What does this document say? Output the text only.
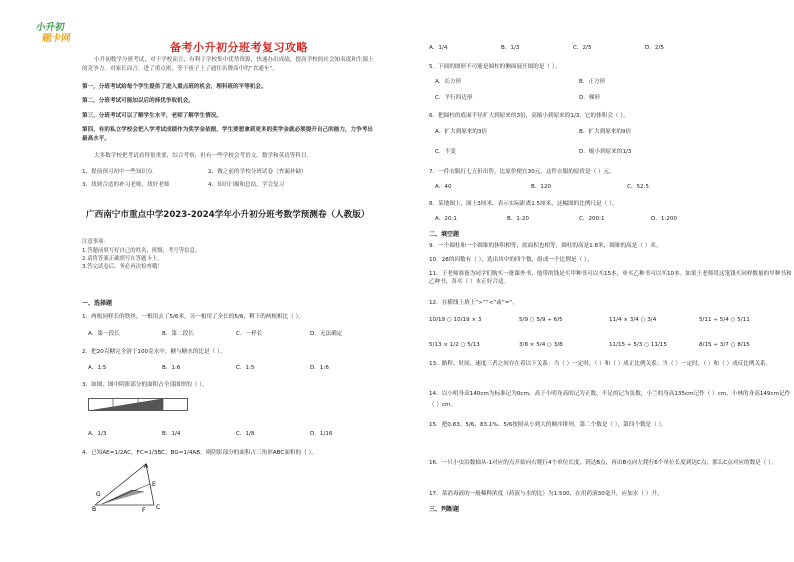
小升初
题卡网
备考小升初分班考复习攻略
小升初数学分班考试，对于学校而言，有利于学校集中优势资源，快速办出成绩，提高学校的社会知名度和生源上的竞争力。对家长而言，进了重点班，等于孩子上了通往名牌高中的“直通车”。
第一，分班考试给每个学生提供了进入重点班的机会，理科班的平等机会。
第二，分班考试可能加以后的择优争取机会。
第三，分班考试可以了解学生水平，老师了解学生情况。
第四，有的私立学校会把入学考试成绩作为奖学金依据，学生要想拿到更多的奖学金就必须提升自己的能力，力争考出最高水平。
大多数学校把考试看得很重要，综合考察，但有一些学校会考语文、数学和英语等科目。
1、提前预习初中一些知识点	2、做之前的学校分班试卷（查漏补缺）
3、找到合适的补习老师，找好老师	4、知识扫描和总结，学会复习
广西南宁市重点中学2023-2024学年小升初分班考数学预测卷（人教版）
注意事项：
1.答题前填写好自己的姓名、班级、考号等信息。
2.请将答案正确填写在答题卡上。
3.答完试卷后，务必再次检查哦！
一、选择题
1．两根同样长的铁丝，一根用去了5/6米，另一根用了全长的5/6，剩下的两根相比（ ）。
A．第一段长	B．第二段长	C．一样长	D．无法确定
2．把20克糖完全溶于100克水中，糖与糖水的比是（ ）。
A．1:5	B．1:6	C．1:5	D．1:6
3．如图，图中阴影部分的面积占全部图形的（ ）。
A．1/3	B．1/4	C．1/8	D．1/16
4．已知AE=1/2AC，FC=1/3BC，BG=1/4AB，则阴影部分的面积占三角形ABC面积的（ ）。
A
B	C
E
G
F
A．1/4	B．1/3	C．2/5	D．2/5
5．下面的图形不可能是圆柱的侧面展开图的是（ ）。
A．长方形	B．正方形
C．平行四边形	D．梯形
6．把圆柱的底面半径扩大到原来的3倍，高缩小到原来的1/3，它的体积会（ ）。
A．扩大到原来的3倍	B．扩大到原来的9倍
C．不变	D．缩小到原来的1/3
7．一件衣服打七五折出售，比原价便宜30元，这件衣服的原价是（ ）元。
A．40	B．120	C．52.5
8．某地图上，图上3厘米，表示实际距离1.5厘米，这幅图的比例尺是（ ）。
A．20:1	B．1:20	C．200:1	D．1:200
二、填空题
9．一个圆柱和一个圆锥的体积相等，底面积也相等，圆柱的高是1.8米，圆锥的高是（ ）米。
10．28的因数有（ ），选出其中的四个数，组成一个比例是（ ）。
11．王老师准备为同学们购买一批课外书，他带的钱是买甲种书可以买15本，单买乙种书可以买10本。如果王老师用这笔钱买同样数量的甲种书和乙种书，各买（ ）本正好合适。
12．在横线上填上“>”“<”或“=”。
10/19 ○ 10/19 × 3	5/9 ○ 5/9 ÷ 6/5	11/4 × 3/4 ○ 3/4	5/11 ÷ 5/4 ○ 5/11
5/13 × 1/2 ○ 5/13	3/8 × 5/4 ○ 3/8	11/15 ÷ 5/3 ○ 11/15	8/15 ÷ 3/7 ○ 8/15
13．路程、时间、速度三者之间存在着以下关系：当（ ）一定时，（ ）和（ ）成正比例关系；当（ ）一定时，（ ）和（ ）成反比例关系。
14．以小明身高140cm为标准记为0cm，高于小明身高的记为正数，不足的记为负数，小兰的身高135cm记作（ ）cm，小林的身高149cm记作（ ）cm。
15．把0.83、5/6、83.1%、5/6按照从小到大的顺序排列，第二个数是（ ），第四个数是（ ）。
16．一只小虫沿数轴从-1对应的点开始向右爬行4个单位长度，到达B点，再由B点向左爬行6个单位长度到达C点，那么C点对应的数是（ ）。
17．某消毒液的一般稀释浓度（药液与水的比）为1:500，在用药液30毫升，应加水（ ）升。
三、判断题
